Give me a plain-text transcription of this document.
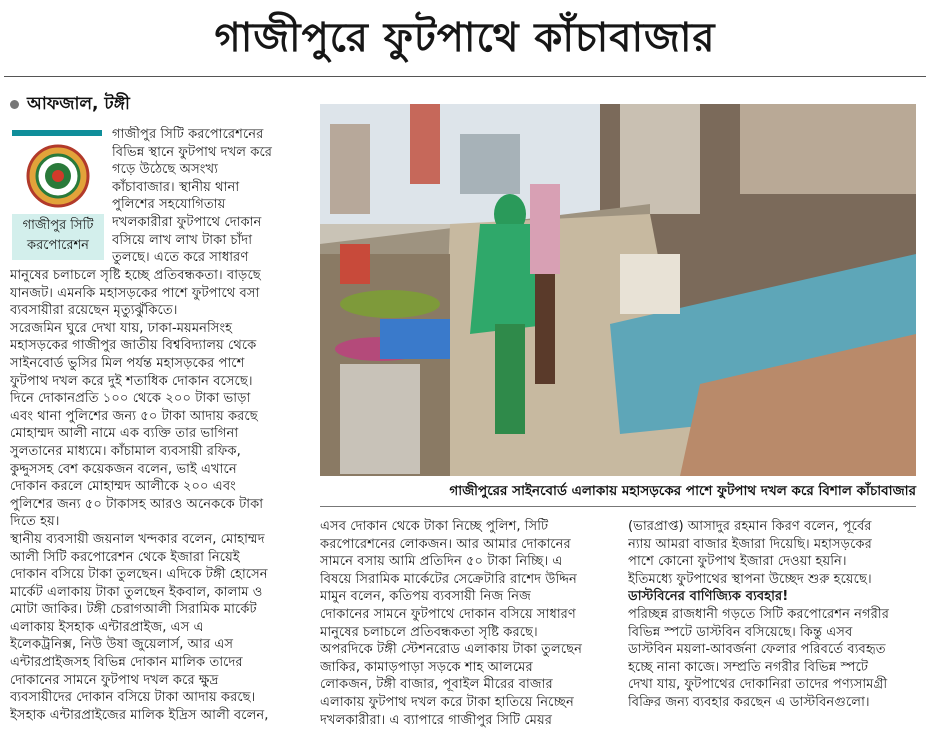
গাজীপুরে ফুটপাথে কাঁচাবাজার
আফজাল, টঙ্গী
গাজীপুর সিটি
করপোরেশন
গাজীপুর সিটি করপোরেশনের
বিভিন্ন স্থানে ফুটপাথ দখল করে
গড়ে উঠেছে অসংখ্য
কাঁচাবাজার। স্থানীয় থানা
পুলিশের সহযোগিতায়
দখলকারীরা ফুটপাথে দোকান
বসিয়ে লাখ লাখ টাকা চাঁদা
তুলছে। এতে করে সাধারণ
মানুষের চলাচলে সৃষ্টি হচ্ছে প্রতিবন্ধকতা। বাড়ছে
যানজট। এমনকি মহাসড়কের পাশে ফুটপাথে বসা
ব্যবসায়ীরা রয়েছেন মৃত্যুঝুঁকিতে।
সরেজমিন ঘুরে দেখা যায়, ঢাকা-ময়মনসিংহ
মহাসড়কের গাজীপুর জাতীয় বিশ্ববিদ্যালয় থেকে
সাইনবোর্ড ভুসির মিল পর্যন্ত মহাসড়কের পাশে
ফুটপাথ দখল করে দুই শতাধিক দোকান বসেছে।
দিনে দোকানপ্রতি ১০০ থেকে ২০০ টাকা ভাড়া
এবং থানা পুলিশের জন্য ৫০ টাকা আদায় করছে
মোহাম্মদ আলী নামে এক ব্যক্তি তার ভাগিনা
সুলতানের মাধ্যমে। কাঁচামাল ব্যবসায়ী রফিক,
কুদ্দুসসহ বেশ কয়েকজন বলেন, ভাই এখানে
দোকান করলে মোহাম্মদ আলীকে ২০০ এবং
পুলিশের জন্য ৫০ টাকাসহ আরও অনেককে টাকা
দিতে হয়।
স্থানীয় ব্যবসায়ী জয়নাল খন্দকার বলেন, মোহাম্মদ
আলী সিটি করপোরেশন থেকে ইজারা নিয়েই
দোকান বসিয়ে টাকা তুলছেন। এদিকে টঙ্গী হোসেন
মার্কেট এলাকায় টাকা তুলছেন ইকবাল, কালাম ও
মোটা জাকির। টঙ্গী চেরাগআলী সিরামিক মার্কেট
এলাকায় ইসহাক এন্টারপ্রাইজ, এস এ
ইলেকট্রনিক্স, নিউ উষা জুয়েলার্স, আর এস
এন্টারপ্রাইজসহ বিভিন্ন দোকান মালিক তাদের
দোকানের সামনে ফুটপাথ দখল করে ক্ষুদ্র
ব্যবসায়ীদের দোকান বসিয়ে টাকা আদায় করছে।
ইসহাক এন্টারপ্রাইজের মালিক ইদ্রিস আলী বলেন,
গাজীপুরের সাইনবোর্ড এলাকায় মহাসড়কের পাশে ফুটপাথ দখল করে বিশাল কাঁচাবাজার
এসব দোকান থেকে টাকা নিচ্ছে পুলিশ, সিটি
করপোরেশনের লোকজন। আর আমার দোকানের
সামনে বসায় আমি প্রতিদিন ৫০ টাকা নিচ্ছি। এ
বিষয়ে সিরামিক মার্কেটের সেক্রেটারি রাশেদ উদ্দিন
মামুন বলেন, কতিপয় ব্যবসায়ী নিজ নিজ
দোকানের সামনে ফুটপাথে দোকান বসিয়ে সাধারণ
মানুষের চলাচলে প্রতিবন্ধকতা সৃষ্টি করছে।
অপরদিকে টঙ্গী স্টেশনরোড এলাকায় টাকা তুলছেন
জাকির, কামাড়পাড়া সড়কে শাহ আলমের
লোকজন, টঙ্গী বাজার, পূবাইল মীরের বাজার
এলাকায় ফুটপাথ দখল করে টাকা হাতিয়ে নিচ্ছেন
দখলকারীরা। এ ব্যাপারে গাজীপুর সিটি মেয়র
(ভারপ্রাপ্ত) আসাদুর রহমান কিরণ বলেন, পূর্বের
ন্যায় আমরা বাজার ইজারা দিয়েছি। মহাসড়কের
পাশে কোনো ফুটপাথ ইজারা দেওয়া হয়নি।
ইতিমধ্যে ফুটপাথের স্থাপনা উচ্ছেদ শুরু হয়েছে।
ডাস্টবিনের বাণিজ্যিক ব্যবহার!
পরিচ্ছন্ন রাজধানী গড়তে সিটি করপোরেশন নগরীর
বিভিন্ন স্পটে ডাস্টবিন বসিয়েছে। কিন্তু এসব
ডাস্টবিন ময়লা-আবর্জনা ফেলার পরিবর্তে ব্যবহৃত
হচ্ছে নানা কাজে। সম্প্রতি নগরীর বিভিন্ন স্পটে
দেখা যায়, ফুটপাথের দোকানিরা তাদের পণ্যসামগ্রী
বিক্রির জন্য ব্যবহার করছেন এ ডাস্টবিনগুলো।
